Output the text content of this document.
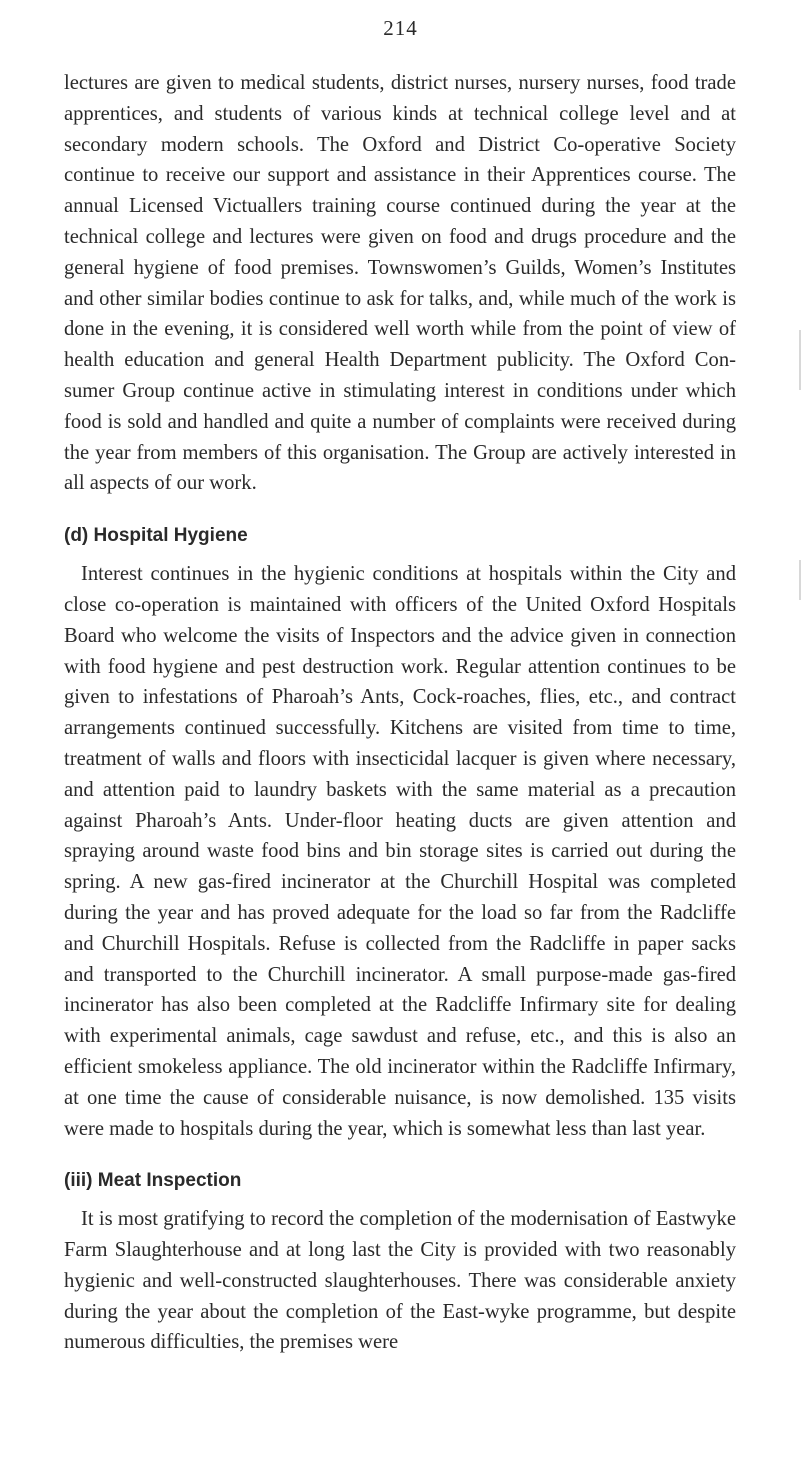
214

lectures are given to medical students, district nurses, nursery nurses, food trade apprentices, and students of various kinds at technical college level and at secondary modern schools. The Oxford and District Co-operative Society continue to receive our support and assistance in their Apprentices course. The annual Licensed Victuallers training course continued during the year at the technical college and lectures were given on food and drugs procedure and the general hygiene of food premises. Townswomen’s Guilds, Women’s Institutes and other similar bodies continue to ask for talks, and, while much of the work is done in the evening, it is considered well worth while from the point of view of health education and general Health Department publicity. The Oxford Con-sumer Group continue active in stimulating interest in conditions under which food is sold and handled and quite a number of complaints were received during the year from members of this organisation. The Group are actively interested in all aspects of our work.

(d) Hospital Hygiene

Interest continues in the hygienic conditions at hospitals within the City and close co-operation is maintained with officers of the United Oxford Hospitals Board who welcome the visits of Inspectors and the advice given in connection with food hygiene and pest destruction work. Regular attention continues to be given to infestations of Pharoah’s Ants, Cock-roaches, flies, etc., and contract arrangements continued successfully. Kitchens are visited from time to time, treatment of walls and floors with insecticidal lacquer is given where necessary, and attention paid to laundry baskets with the same material as a precaution against Pharoah’s Ants. Under-floor heating ducts are given attention and spraying around waste food bins and bin storage sites is carried out during the spring. A new gas-fired incinerator at the Churchill Hospital was completed during the year and has proved adequate for the load so far from the Radcliffe and Churchill Hospitals. Refuse is collected from the Radcliffe in paper sacks and transported to the Churchill incinerator. A small purpose-made gas-fired incinerator has also been completed at the Radcliffe Infirmary site for dealing with experimental animals, cage sawdust and refuse, etc., and this is also an efficient smokeless appliance. The old incinerator within the Radcliffe Infirmary, at one time the cause of considerable nuisance, is now demolished. 135 visits were made to hospitals during the year, which is somewhat less than last year.

(iii) Meat Inspection

It is most gratifying to record the completion of the modernisation of Eastwyke Farm Slaughterhouse and at long last the City is provided with two reasonably hygienic and well-constructed slaughterhouses. There was considerable anxiety during the year about the completion of the East-wyke programme, but despite numerous difficulties, the premises were
